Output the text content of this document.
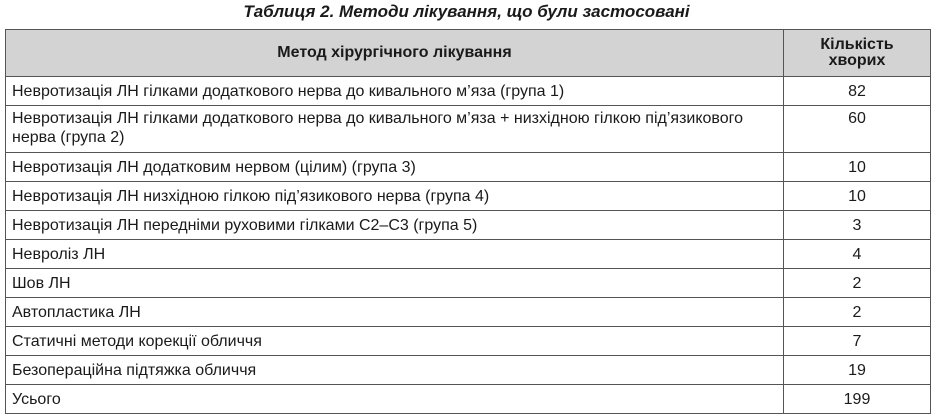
Таблиця 2. Методи лікування, що були застосовані
Метод хірургічного лікування	Кількість
хворих
Невротизація ЛН гілками додаткового нерва до кивального м’яза (група 1)	82
Невротизація ЛН гілками додаткового нерва до кивального м’яза + низхідною гілкою під’язикового нерва (група 2)	60
Невротизація ЛН додатковим нервом (цілим) (група 3)	10
Невротизація ЛН низхідною гілкою під’язикового нерва (група 4)	10
Невротизація ЛН передніми руховими гілками С2–С3 (група 5)	3
Невроліз ЛН	4
Шов ЛН	2
Автопластика ЛН	2
Статичні методи корекції обличчя	7
Безопераційна підтяжка обличчя	19
Усього	199
